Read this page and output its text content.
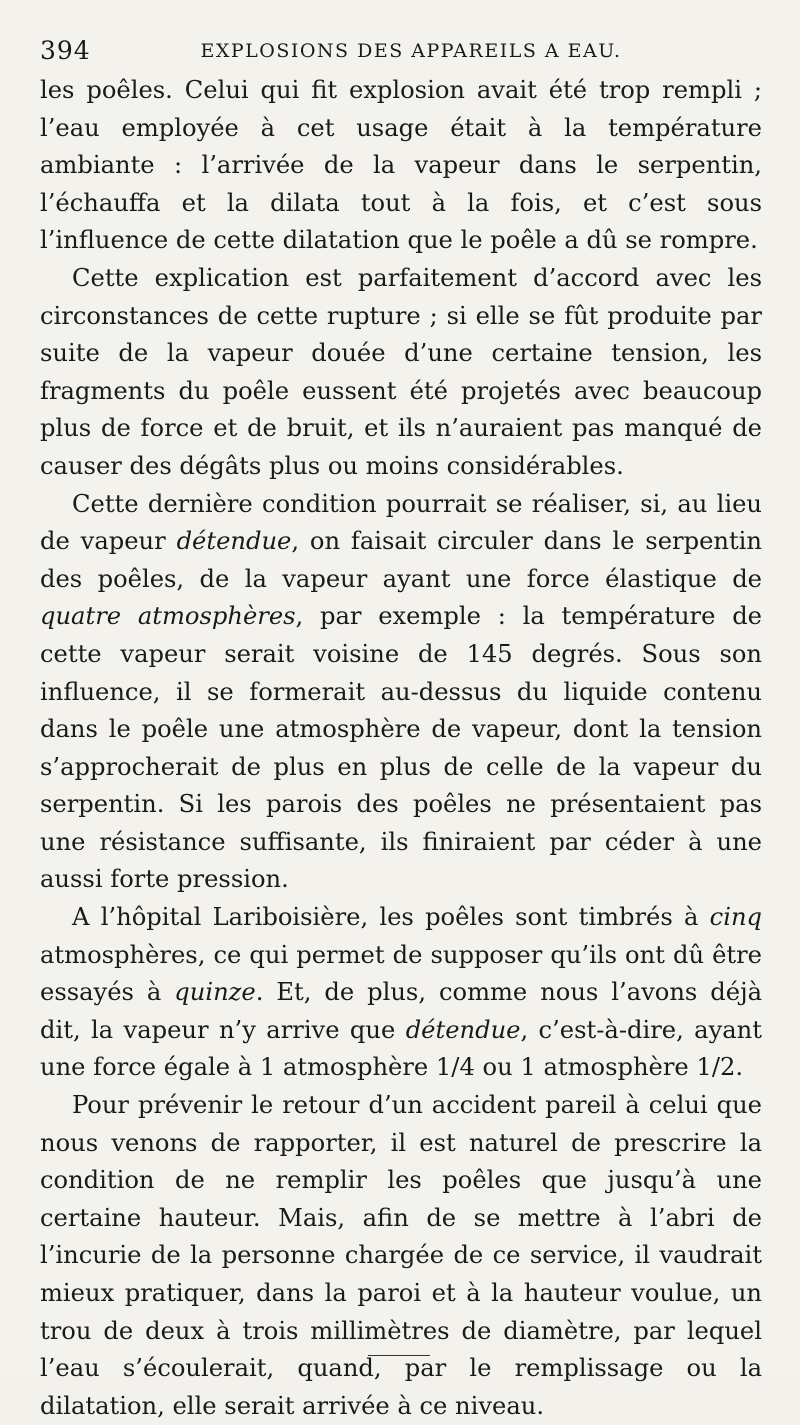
394	EXPLOSIONS DES APPAREILS A EAU.

les poêles. Celui qui fit explosion avait été trop rempli ; l’eau employée à cet usage était à la température ambiante : l’arrivée de la vapeur dans le serpentin, l’échauffa et la dilata tout à la fois, et c’est sous l’influence de cette dilatation que le poêle a dû se rompre.

Cette explication est parfaitement d’accord avec les circonstances de cette rupture ; si elle se fût produite par suite de la vapeur douée d’une certaine tension, les fragments du poêle eussent été projetés avec beaucoup plus de force et de bruit, et ils n’auraient pas manqué de causer des dégâts plus ou moins considérables.

Cette dernière condition pourrait se réaliser, si, au lieu de vapeur détendue, on faisait circuler dans le serpentin des poêles, de la vapeur ayant une force élastique de quatre atmosphères, par exemple : la température de cette vapeur serait voisine de 145 degrés. Sous son influence, il se formerait au-dessus du liquide contenu dans le poêle une atmosphère de vapeur, dont la tension s’approcherait de plus en plus de celle de la vapeur du serpentin. Si les parois des poêles ne présentaient pas une résistance suffisante, ils finiraient par céder à une aussi forte pression.

A l’hôpital Lariboisière, les poêles sont timbrés à cinq atmosphères, ce qui permet de supposer qu’ils ont dû être essayés à quinze. Et, de plus, comme nous l’avons déjà dit, la vapeur n’y arrive que détendue, c’est-à-dire, ayant une force égale à 1 atmosphère 1/4 ou 1 atmosphère 1/2.

Pour prévenir le retour d’un accident pareil à celui que nous venons de rapporter, il est naturel de prescrire la condition de ne remplir les poêles que jusqu’à une certaine hauteur. Mais, afin de se mettre à l’abri de l’incurie de la personne chargée de ce service, il vaudrait mieux pratiquer, dans la paroi et à la hauteur voulue, un trou de deux à trois millimètres de diamètre, par lequel l’eau s’écoulerait, quand, par le remplissage ou la dilatation, elle serait arrivée à ce niveau.
